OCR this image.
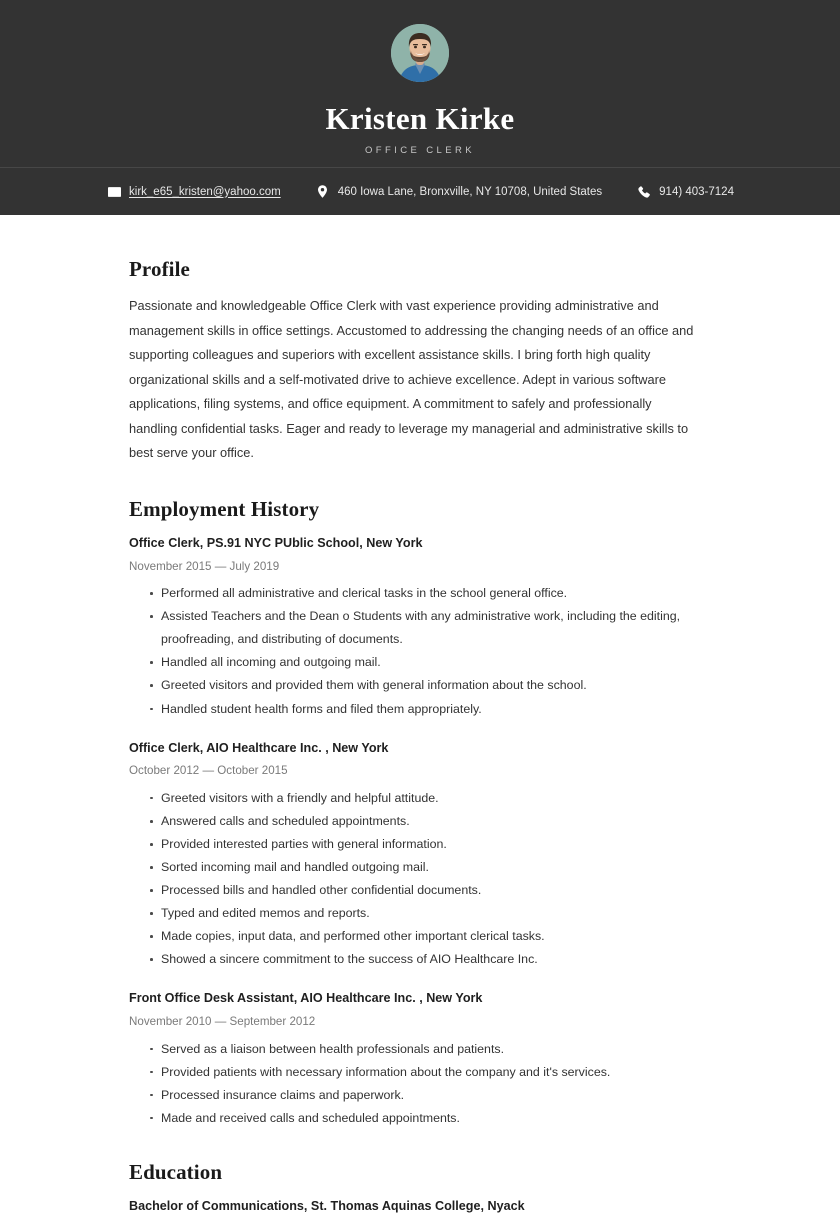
Kristen Kirke
OFFICE CLERK
kirk_e65_kristen@yahoo.com	460 Iowa Lane, Bronxville, NY 10708, United States	914) 403-7124
Profile

Passionate and knowledgeable Office Clerk with vast experience providing administrative and management skills in office settings. Accustomed to addressing the changing needs of an office and supporting colleagues and superiors with excellent assistance skills. I bring forth high quality organizational skills and a self-motivated drive to achieve excellence. Adept in various software applications, filing systems, and office equipment. A commitment to safely and professionally handling confidential tasks. Eager and ready to leverage my managerial and administrative skills to best serve your office.

Employment History
Office Clerk, PS.91 NYC PUblic School, New York
November 2015 — July 2019
Performed all administrative and clerical tasks in the school general office.
Assisted Teachers and the Dean o Students with any administrative work, including the editing, proofreading, and distributing of documents.
Handled all incoming and outgoing mail.
Greeted visitors and provided them with general information about the school.
Handled student health forms and filed them appropriately.
Office Clerk, AIO Healthcare Inc. , New York
October 2012 — October 2015
Greeted visitors with a friendly and helpful attitude.
Answered calls and scheduled appointments.
Provided interested parties with general information.
Sorted incoming mail and handled outgoing mail.
Processed bills and handled other confidential documents.
Typed and edited memos and reports.
Made copies, input data, and performed other important clerical tasks.
Showed a sincere commitment to the success of AIO Healthcare Inc.
Front Office Desk Assistant, AIO Healthcare Inc. , New York
November 2010 — September 2012
Served as a liaison between health professionals and patients.
Provided patients with necessary information about the company and it's services.
Processed insurance claims and paperwork.
Made and received calls and scheduled appointments.
Education
Bachelor of Communications, St. Thomas Aquinas College, Nyack
